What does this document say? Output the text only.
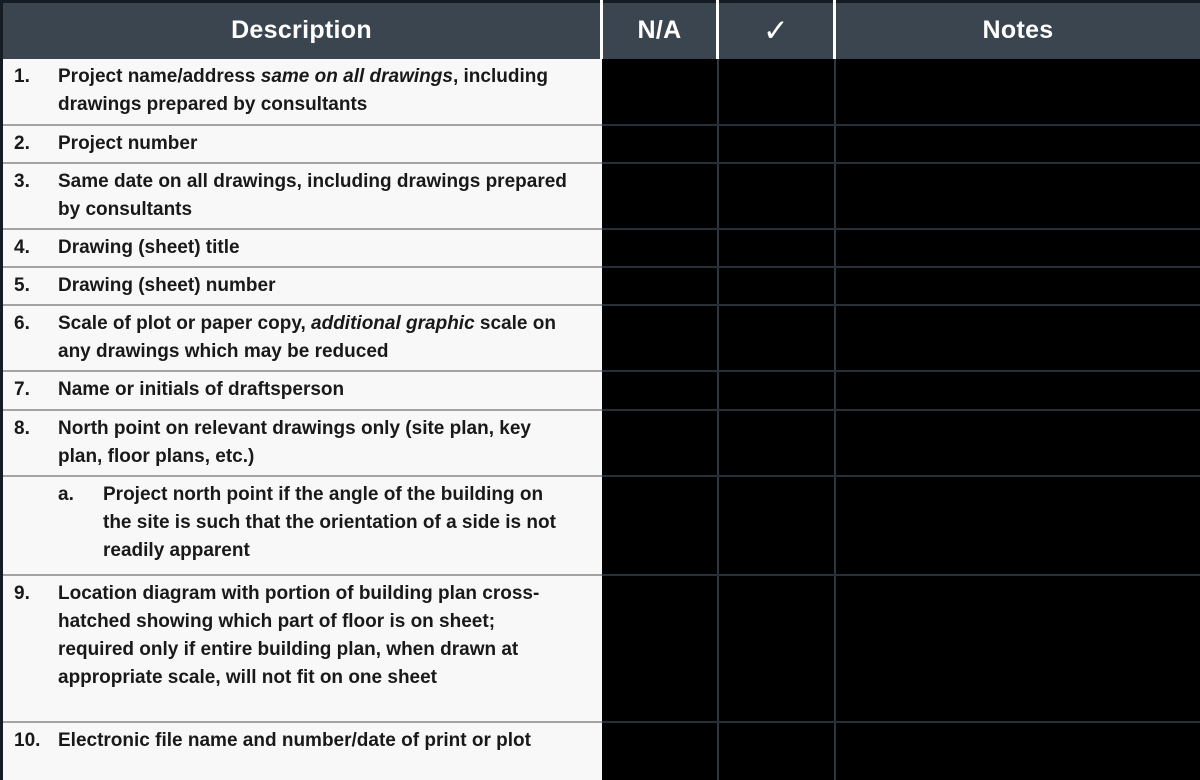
Description	N/A	✓	Notes

1. Project name/address same on all drawings, including drawings prepared by consultants			

2. Project number			

3. Same date on all drawings, including drawings prepared by consultants			

4. Drawing (sheet) title			

5. Drawing (sheet) number			

6. Scale of plot or paper copy, additional graphic scale on any drawings which may be reduced			

7. Name or initials of draftsperson			

8. North point on relevant drawings only (site plan, key plan, floor plans, etc.)			

a. Project north point if the angle of the building on the site is such that the orientation of a side is not readily apparent			

9. Location diagram with portion of building plan cross-hatched showing which part of floor is on sheet; required only if entire building plan, when drawn at appropriate scale, will not fit on one sheet			

10. Electronic file name and number/date of print or plot			
